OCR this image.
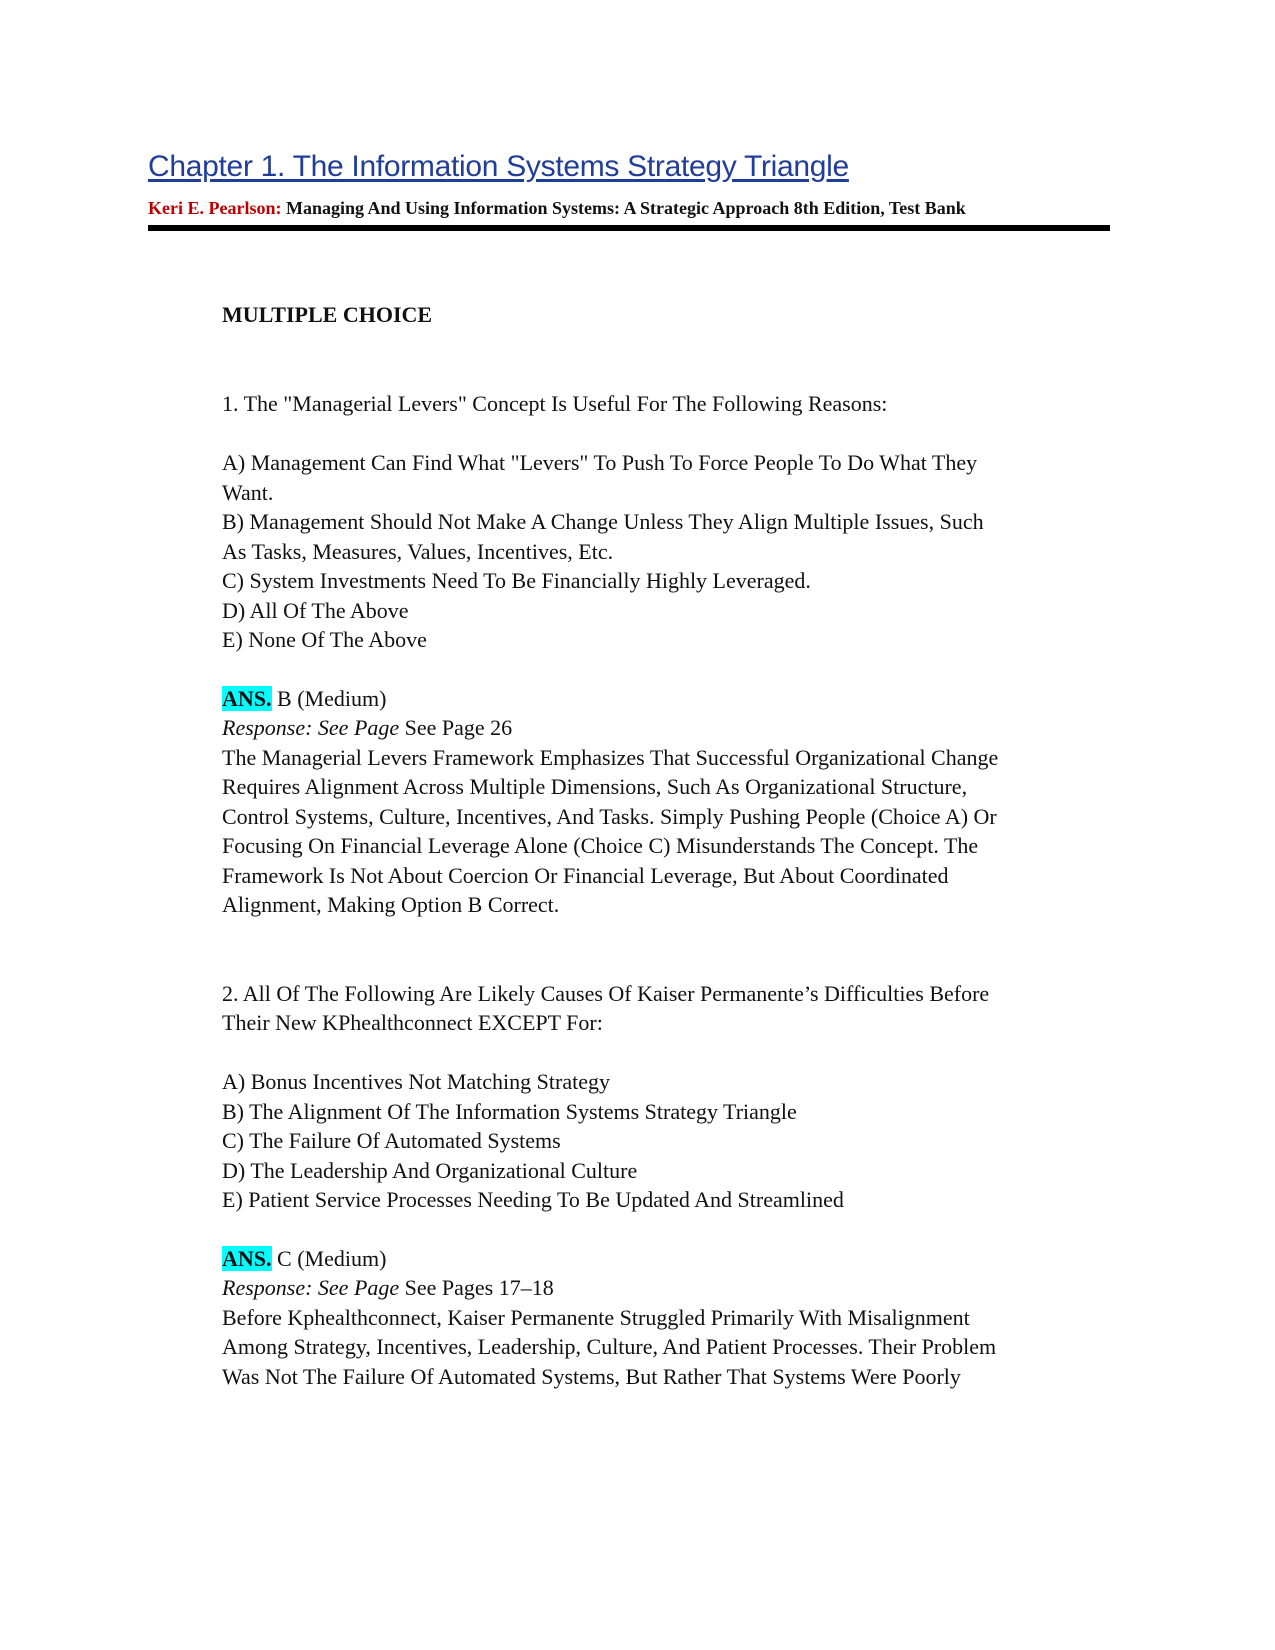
Chapter 1. The Information Systems Strategy Triangle
Keri E. Pearlson: Managing And Using Information Systems: A Strategic Approach 8th Edition, Test Bank
MULTIPLE CHOICE
1. The "Managerial Levers" Concept Is Useful For The Following Reasons:
A) Management Can Find What "Levers" To Push To Force People To Do What They
Want.
B) Management Should Not Make A Change Unless They Align Multiple Issues, Such
As Tasks, Measures, Values, Incentives, Etc.
C) System Investments Need To Be Financially Highly Leveraged.
D) All Of The Above
E) None Of The Above
ANS. B (Medium)
Response: See Page See Page 26
The Managerial Levers Framework Emphasizes That Successful Organizational Change
Requires Alignment Across Multiple Dimensions, Such As Organizational Structure,
Control Systems, Culture, Incentives, And Tasks. Simply Pushing People (Choice A) Or
Focusing On Financial Leverage Alone (Choice C) Misunderstands The Concept. The
Framework Is Not About Coercion Or Financial Leverage, But About Coordinated
Alignment, Making Option B Correct.
2. All Of The Following Are Likely Causes Of Kaiser Permanente’s Difficulties Before
Their New KPhealthconnect EXCEPT For:
A) Bonus Incentives Not Matching Strategy
B) The Alignment Of The Information Systems Strategy Triangle
C) The Failure Of Automated Systems
D) The Leadership And Organizational Culture
E) Patient Service Processes Needing To Be Updated And Streamlined
ANS. C (Medium)
Response: See Page See Pages 17–18
Before Kphealthconnect, Kaiser Permanente Struggled Primarily With Misalignment
Among Strategy, Incentives, Leadership, Culture, And Patient Processes. Their Problem
Was Not The Failure Of Automated Systems, But Rather That Systems Were Poorly
